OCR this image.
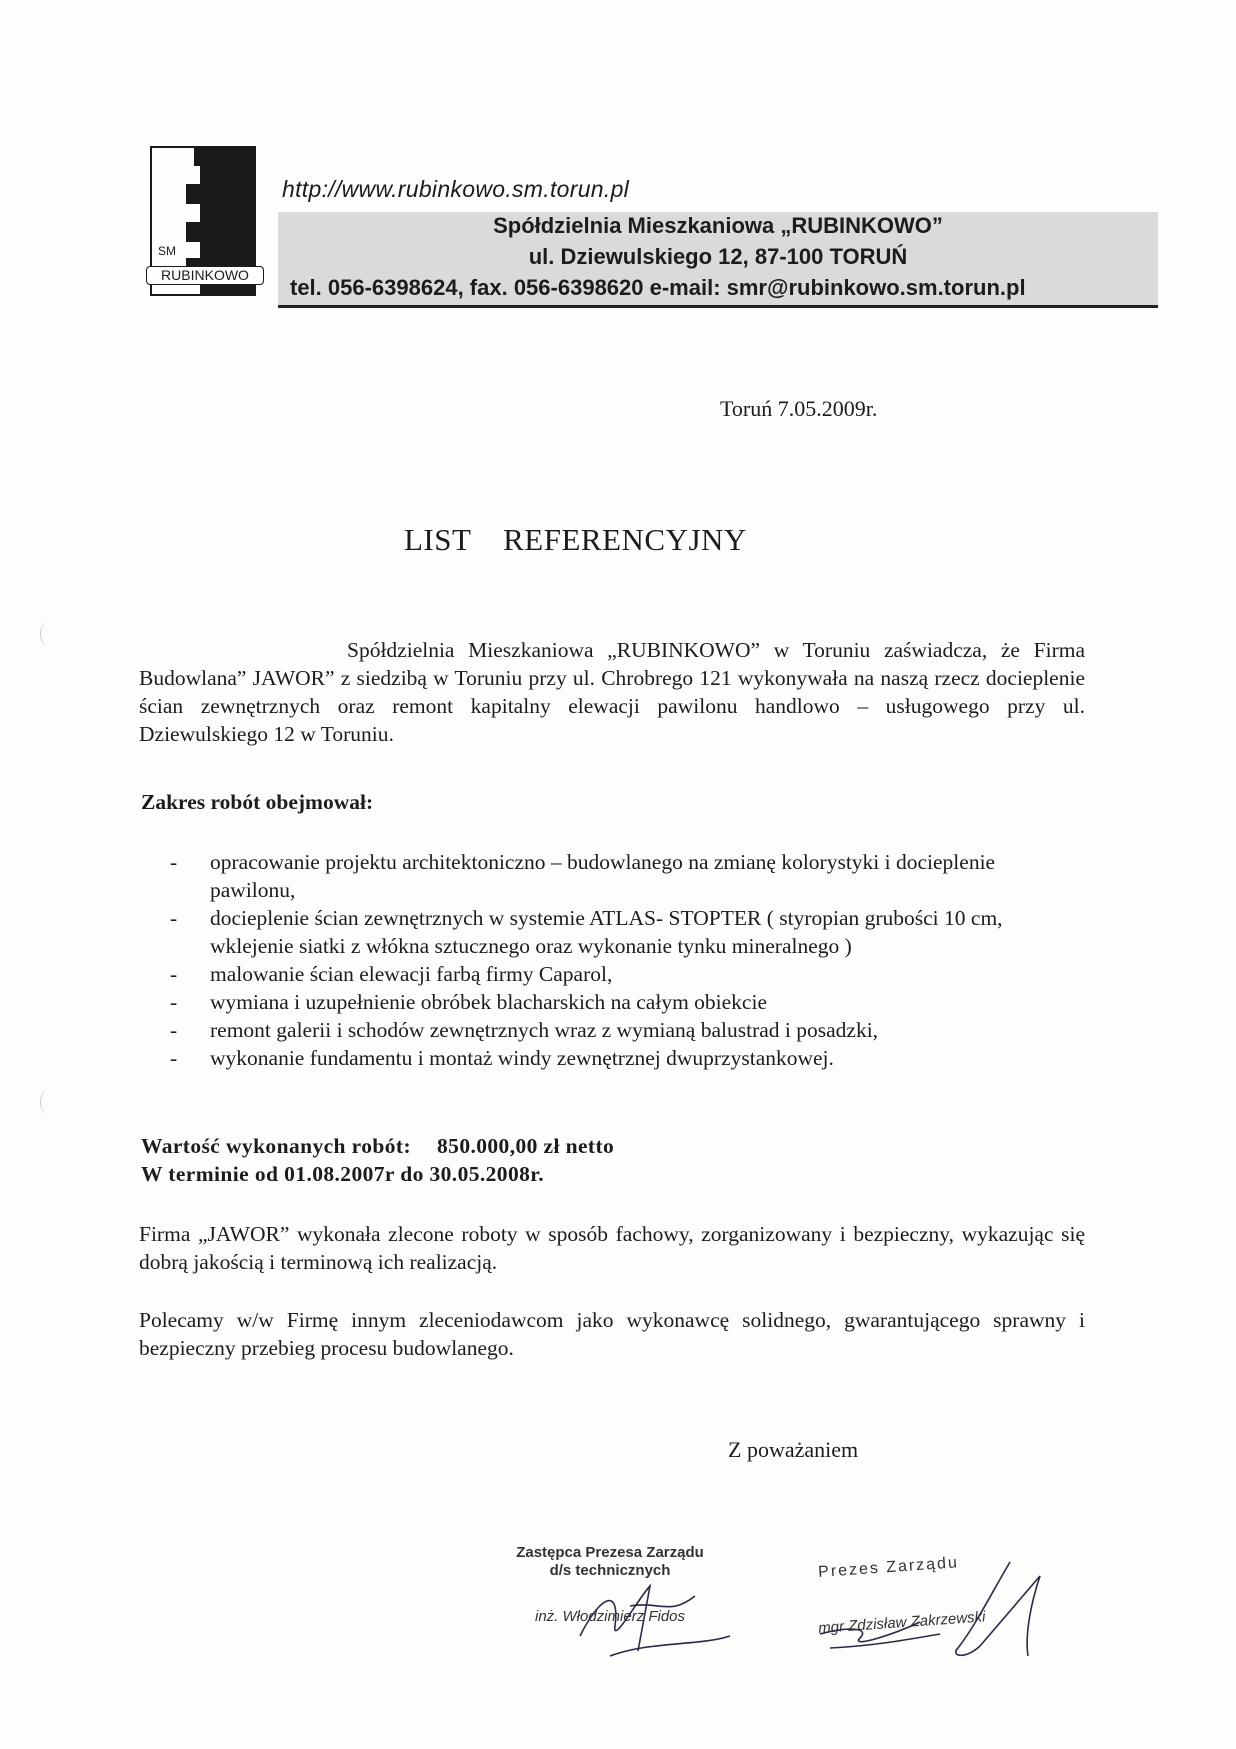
SM
RUBINKOWO
http://www.rubinkowo.sm.torun.pl
Spółdzielnia Mieszkaniowa „RUBINKOWO”
ul. Dziewulskiego 12, 87-100 TORUŃ
tel. 056-6398624, fax. 056-6398620 e-mail: smr@rubinkowo.sm.torun.pl
Toruń 7.05.2009r.
LIST REFERENCYJNY
Spółdzielnia Mieszkaniowa „RUBINKOWO” w Toruniu zaświadcza, że Firma Budowlana” JAWOR” z siedzibą w Toruniu przy ul. Chrobrego 121 wykonywała na naszą rzecz docieplenie ścian zewnętrznych oraz remont kapitalny elewacji pawilonu handlowo – usługowego przy ul. Dziewulskiego 12 w Toruniu.
Zakres robót obejmował:
- opracowanie projektu architektoniczno – budowlanego na zmianę kolorystyki i docieplenie pawilonu,
- docieplenie ścian zewnętrznych w systemie ATLAS- STOPTER ( styropian grubości 10 cm, wklejenie siatki z włókna sztucznego oraz wykonanie tynku mineralnego )
- malowanie ścian elewacji farbą firmy Caparol,
- wymiana i uzupełnienie obróbek blacharskich na całym obiekcie
- remont galerii i schodów zewnętrznych wraz z wymianą balustrad i posadzki,
- wykonanie fundamentu i montaż windy zewnętrznej dwuprzystankowej.
Wartość wykonanych robót: 850.000,00 zł netto
W terminie od 01.08.2007r do 30.05.2008r.
Firma „JAWOR” wykonała zlecone roboty w sposób fachowy, zorganizowany i bezpieczny, wykazując się dobrą jakością i terminową ich realizacją.
Polecamy w/w Firmę innym zleceniodawcom jako wykonawcę solidnego, gwarantującego sprawny i bezpieczny przebieg procesu budowlanego.
Z poważaniem
Zastępca Prezesa Zarządu
d/s technicznych
inż. Włodzimierz Fidos
Prezes Zarządu
mgr Zdzisław Zakrzewski
